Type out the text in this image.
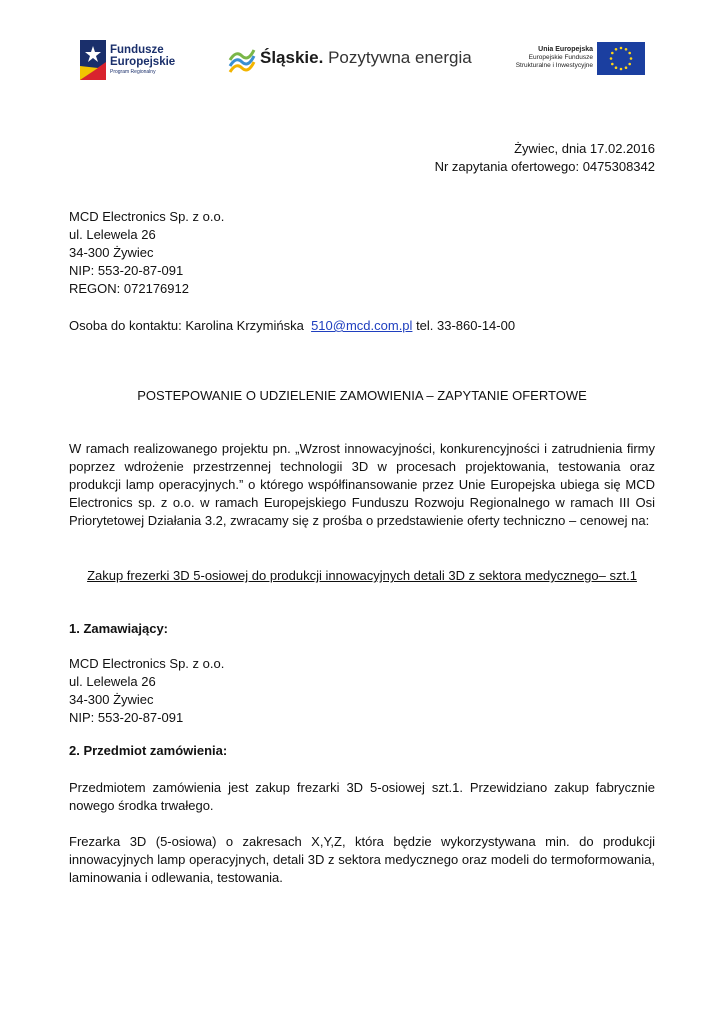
Fundusze
Europejskie
Program Regionalny
Śląskie. Pozytywna energia	Unia Europejska
Europejskie Fundusze
Strukturalne i Inwestycyjne
Żywiec, dnia 17.02.2016
Nr zapytania ofertowego: 0475308342
MCD Electronics Sp. z o.o.
ul. Lelewela 26
34-300 Żywiec
NIP: 553-20-87-091
REGON: 072176912
Osoba do kontaktu: Karolina Krzymińska 510@mcd.com.pl tel. 33-860-14-00
POSTEPOWANIE O UDZIELENIE ZAMOWIENIA – ZAPYTANIE OFERTOWE
W ramach realizowanego projektu pn. „Wzrost innowacyjności, konkurencyjności i zatrudnienia firmy poprzez wdrożenie przestrzennej technologii 3D w procesach projektowania, testowania oraz produkcji lamp operacyjnych.” o którego współfinansowanie przez Unie Europejska ubiega się MCD Electronics sp. z o.o. w ramach Europejskiego Funduszu Rozwoju Regionalnego w ramach III Osi Priorytetowej Działania 3.2, zwracamy się z prośba o przedstawienie oferty techniczno – cenowej na:
Zakup frezerki 3D 5-osiowej do produkcji innowacyjnych detali 3D z sektora medycznego– szt.1
1. Zamawiający:
MCD Electronics Sp. z o.o.
ul. Lelewela 26
34-300 Żywiec
NIP: 553-20-87-091
2. Przedmiot zamówienia:
Przedmiotem zamówienia jest zakup frezarki 3D 5-osiowej szt.1. Przewidziano zakup fabrycznie nowego środka trwałego.
Frezarka 3D (5-osiowa) o zakresach X,Y,Z, która będzie wykorzystywana min. do produkcji innowacyjnych lamp operacyjnych, detali 3D z sektora medycznego oraz modeli do termoformowania, laminowania i odlewania, testowania.
